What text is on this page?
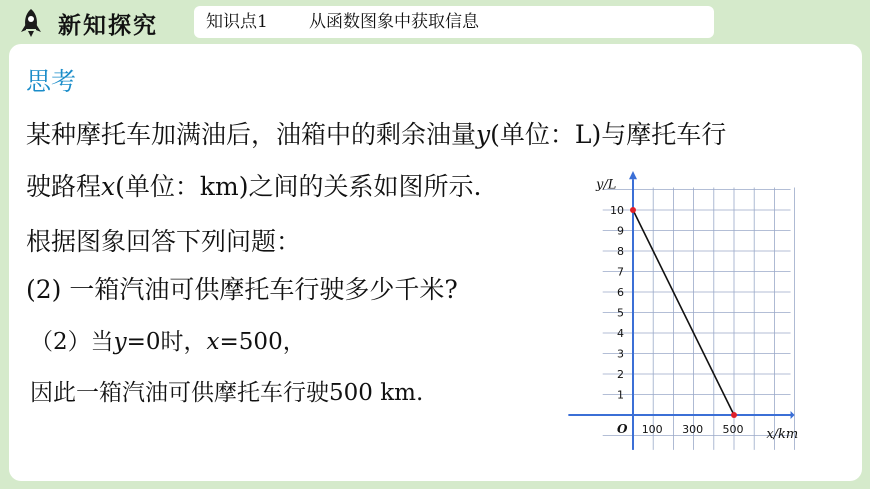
新知探究	知识点1 从函数图象中获取信息
思考
某种摩托车加满油后，油箱中的剩余油量y(单位：L)与摩托车行
驶路程x(单位：km)之间的关系如图所示.
根据图象回答下列问题：
(2) 一箱汽油可供摩托车行驶多少千米?
（2）当y=0时，x=500，
因此一箱汽油可供摩托车行驶500 km.	1
2
3
4
5
6
7
8
9
10
100 300 500
O	x/km
y/L
